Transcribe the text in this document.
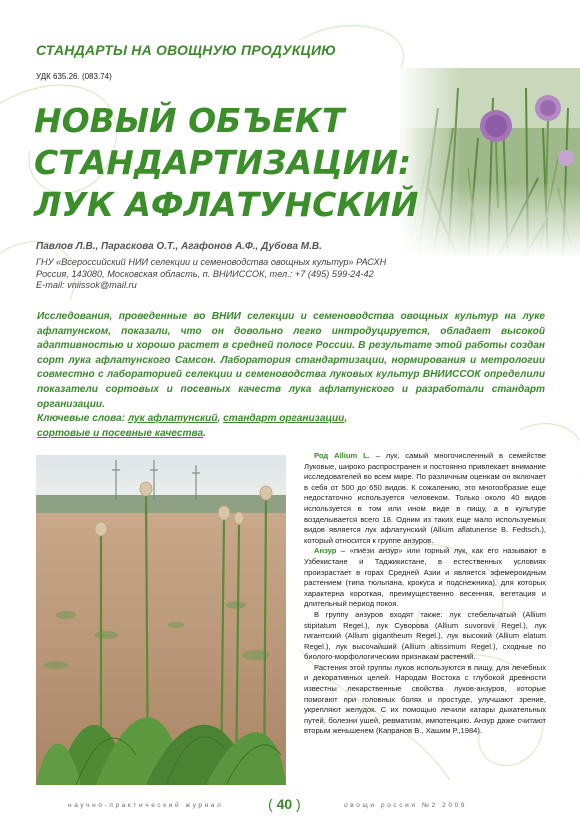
СТАНДАРТЫ НА ОВОЩНУЮ ПРОДУКЦИЮ
УДК 635.26. (083.74)
НОВЫЙ ОБЪЕКТ
СТАНДАРТИЗАЦИИ:
ЛУК АФЛАТУНСКИЙ
Павлов Л.В., Параскова О.Т., Агафонов А.Ф., Дубова М.В.
ГНУ «Всероссийский НИИ селекции и семеноводства овощных культур» РАСХН
Россия, 143080, Московская область, п. ВНИИССОК, тел.: +7 (495) 599-24-42
E-mail: vniissok@mail.ru
Исследования, проведенные во ВНИИ селекции и семеноводства овощных культур на луке афлатунском, показали, что он довольно легко интродуцируется, обладает высокой адаптивностью и хорошо растет в средней полосе России. В результате этой работы создан сорт лука афлатунского Самсон. Лаборатория стандартизации, нормирования и метрологии совместно с лабораторией селекции и семеноводства луковых культур ВНИИССОК определили показатели сортовых и посевных качеств лука афлатунского и разработали стандарт организации.
Ключевые слова: лук афлатунский, стандарт организации,
сортовые и посевные качества.

Род Allium L. – лук, самый многочисленный в семействе Луковые, широко распространен и постоянно привлекает внимание исследователей во всем мире. По различным оценкам он включает в себя от 500 до 650 видов. К сожалению, это многообразие еще недостаточно используется человеком. Только около 40 видов используется в том или ином виде в пищу, а в культуре возделывается всего 18. Одним из таких еще мало используемых видов является лук афлатунский (Allium aflatunense B. Fedtsch.), который относится к группе анзуров.

Анзур – «пиёзи анзур» или горный лук, как его называют в Узбекистане и Таджикистане, в естественных условиях произрастает в горах Средней Азии и является эфемероидным растением (типа тюльпана, крокуса и подснежника), для которых характерна короткая, преимущественно весенняя, вегетация и длительный период покоя.

В группу анзуров входят также: лук стебельчатый (Allium stipitatum Regel.), лук Суворова (Allium suvorovii Regel.), лук гигантский (Allium gigantheum Regel.), лук высокий (Allium elatum Regel.), лук высочайший (Allium altissimum Regel.), сходные по биолого-морфологическим признакам растений.

Растения этой группы луков используются в пищу, для лечебных и декоративных целей. Народам Востока с глубокой древности известны лекарственные свойства луков-анзуров, которые помогают при головных болях и простуде, улучшают зрение, укрепляют желудок. С их помощью лечили катары дыхательных путей, болезни ушей, ревматизм, импотенцию. Анзур даже считают вторым женьшенем (Капранов В., Хашим Р.,1984).

научно-практический журнал	( 40 )	овощи россии №2 2009
